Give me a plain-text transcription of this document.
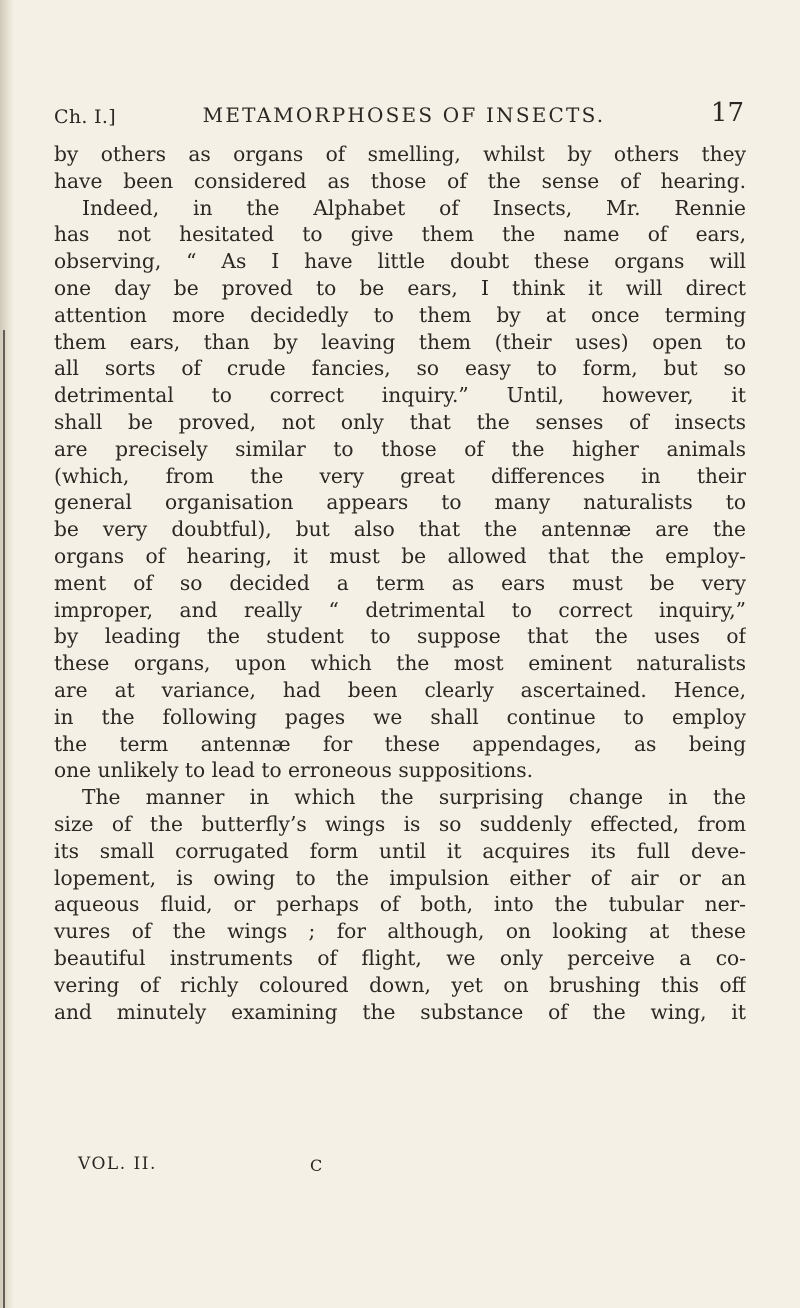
Ch. I.]	METAMORPHOSES OF INSECTS.	17
by others as organs of smelling, whilst by others they
have been considered as those of the sense of hearing.
Indeed, in the Alphabet of Insects, Mr. Rennie
has not hesitated to give them the name of ears,
observing, “ As I have little doubt these organs will
one day be proved to be ears, I think it will direct
attention more decidedly to them by at once terming
them ears, than by leaving them (their uses) open to
all sorts of crude fancies, so easy to form, but so
detrimental to correct inquiry.” Until, however, it
shall be proved, not only that the senses of insects
are precisely similar to those of the higher animals
(which, from the very great differences in their
general organisation appears to many naturalists to
be very doubtful), but also that the antennæ are the
organs of hearing, it must be allowed that the employ-
ment of so decided a term as ears must be very
improper, and really “ detrimental to correct inquiry,”
by leading the student to suppose that the uses of
these organs, upon which the most eminent naturalists
are at variance, had been clearly ascertained. Hence,
in the following pages we shall continue to employ
the term antennæ for these appendages, as being
one unlikely to lead to erroneous suppositions.
The manner in which the surprising change in the
size of the butterfly’s wings is so suddenly effected, from
its small corrugated form until it acquires its full deve-
lopement, is owing to the impulsion either of air or an
aqueous fluid, or perhaps of both, into the tubular ner-
vures of the wings ; for although, on looking at these
beautiful instruments of flight, we only perceive a co-
vering of richly coloured down, yet on brushing this off
and minutely examining the substance of the wing, it
VOL. II.	C
